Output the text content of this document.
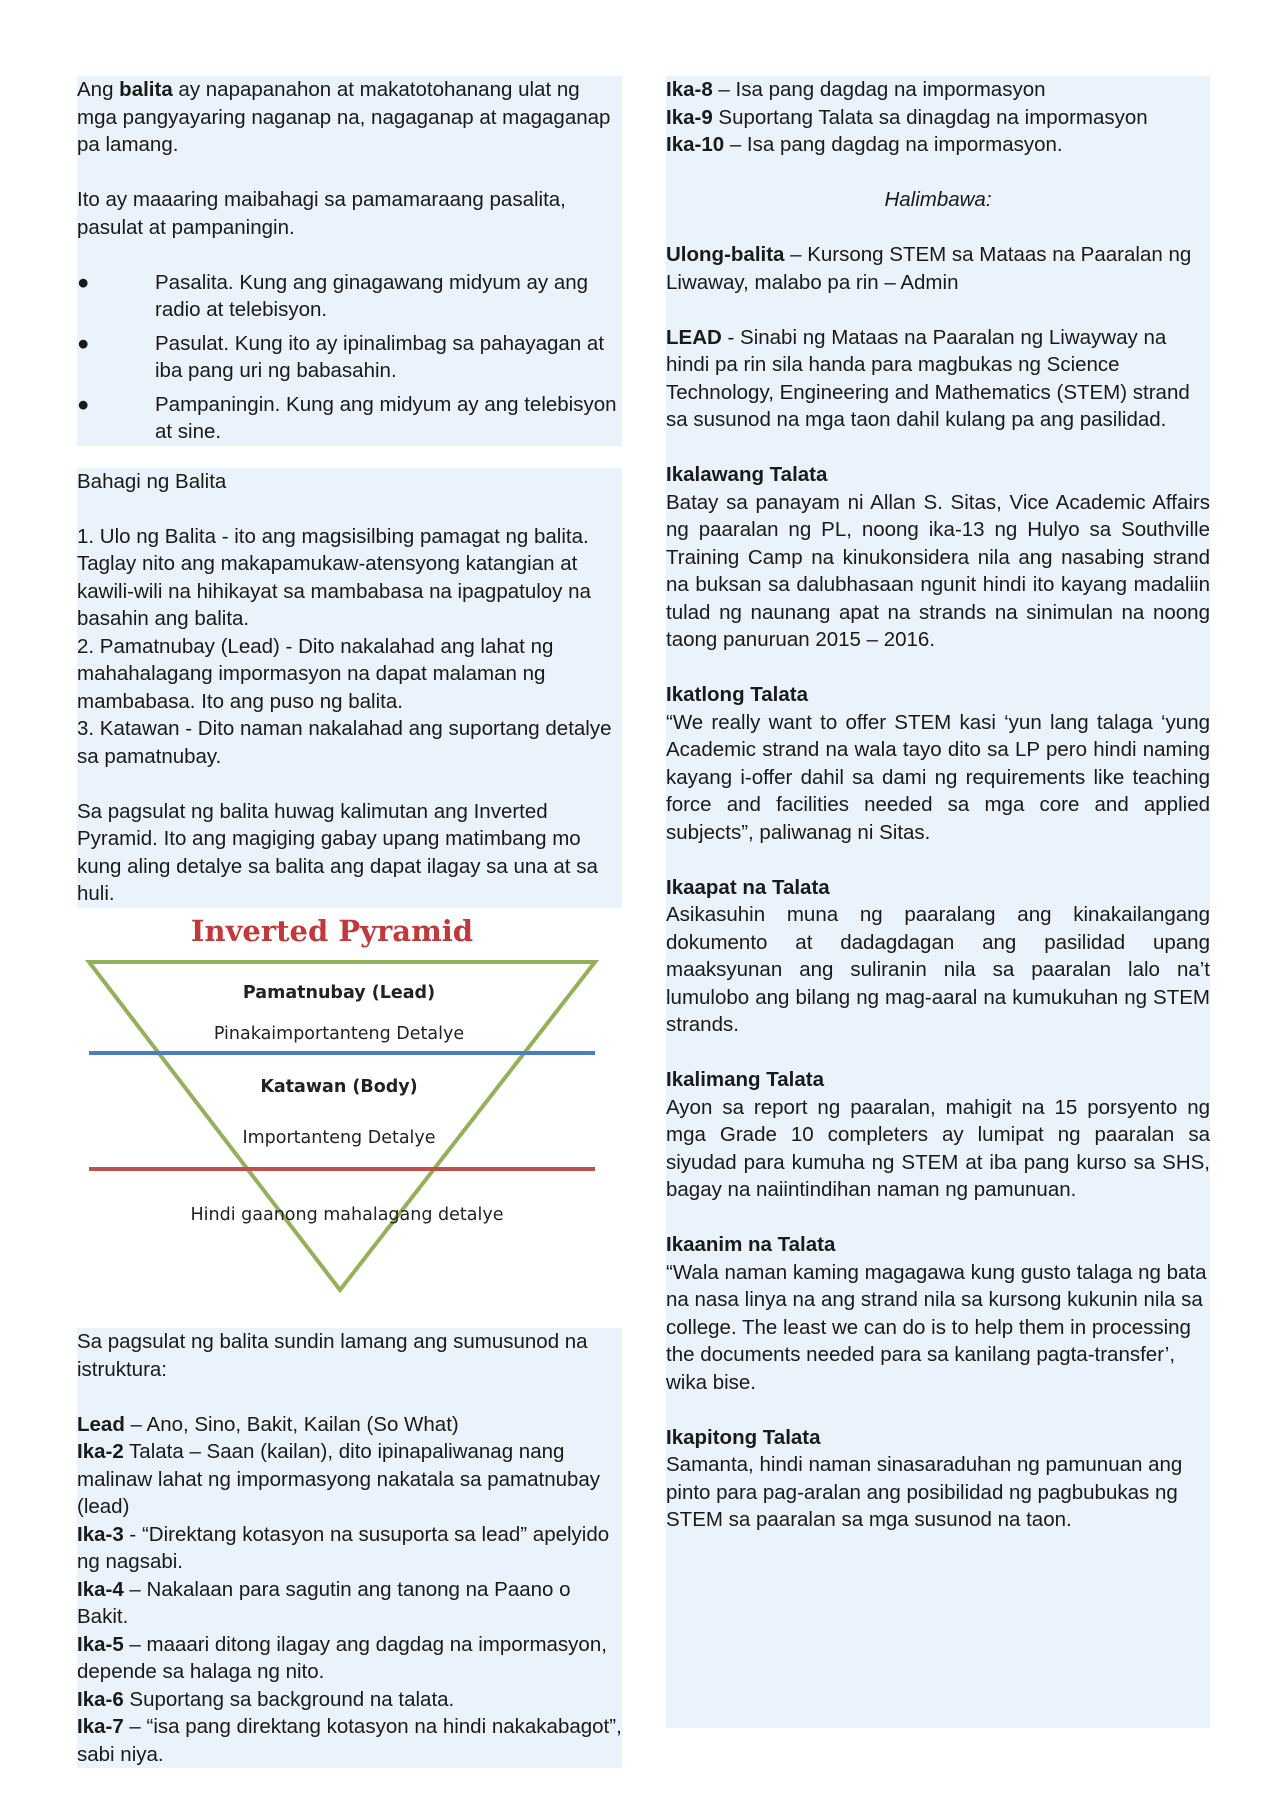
Ang balita ay napapanahon at makatotohanang ulat ng mga pangyayaring naganap na, nagaganap at magaganap pa lamang.

Ito ay maaaring maibahagi sa pamamaraang pasalita, pasulat at pampaningin.

●	Pasalita. Kung ang ginagawang midyum ay ang radio at telebisyon.
●	Pasulat. Kung ito ay ipinalimbag sa pahayagan at iba pang uri ng babasahin.
●	Pampaningin. Kung ang midyum ay ang telebisyon at sine.

Bahagi ng Balita

1. Ulo ng Balita - ito ang magsisilbing pamagat ng balita. Taglay nito ang makapamukaw-atensyong katangian at kawili-wili na hihikayat sa mambabasa na ipagpatuloy na basahin ang balita.

2. Pamatnubay (Lead) - Dito nakalahad ang lahat ng mahahalagang impormasyon na dapat malaman ng mambabasa. Ito ang puso ng balita.

3. Katawan - Dito naman nakalahad ang suportang detalye sa pamatnubay.

Sa pagsulat ng balita huwag kalimutan ang Inverted Pyramid. Ito ang magiging gabay upang matimbang mo kung aling detalye sa balita ang dapat ilagay sa una at sa huli.

Inverted Pyramid
Pamatnubay (Lead)
Pinakaimportanteng Detalye
Katawan (Body)
Importanteng Detalye
Hindi gaanong mahalagang detalye

Sa pagsulat ng balita sundin lamang ang sumusunod na istruktura:

Lead – Ano, Sino, Bakit, Kailan (So What)

Ika-2 Talata – Saan (kailan), dito ipinapaliwanag nang malinaw lahat ng impormasyong nakatala sa pamatnubay (lead)

Ika-3 - “Direktang kotasyon na susuporta sa lead” apelyido ng nagsabi.

Ika-4 – Nakalaan para sagutin ang tanong na Paano o Bakit.

Ika-5 – maaari ditong ilagay ang dagdag na impormasyon, depende sa halaga ng nito.

Ika-6 Suportang sa background na talata.

Ika-7 – “isa pang direktang kotasyon na hindi nakakabagot”, sabi niya.

Ika-8 – Isa pang dagdag na impormasyon

Ika-9 Suportang Talata sa dinagdag na impormasyon

Ika-10 – Isa pang dagdag na impormasyon.

Halimbawa:

Ulong-balita – Kursong STEM sa Mataas na Paaralan ng Liwaway, malabo pa rin – Admin

LEAD - Sinabi ng Mataas na Paaralan ng Liwayway na hindi pa rin sila handa para magbukas ng Science Technology, Engineering and Mathematics (STEM) strand sa susunod na mga taon dahil kulang pa ang pasilidad.

Ikalawang Talata

Batay sa panayam ni Allan S. Sitas, Vice Academic Affairs ng paaralan ng PL, noong ika-13 ng Hulyo sa Southville Training Camp na kinukonsidera nila ang nasabing strand na buksan sa dalubhasaan ngunit hindi ito kayang madaliin tulad ng naunang apat na strands na sinimulan na noong taong panuruan 2015 – 2016.

Ikatlong Talata

“We really want to offer STEM kasi ‘yun lang talaga ‘yung Academic strand na wala tayo dito sa LP pero hindi naming kayang i-offer dahil sa dami ng requirements like teaching force and facilities needed sa mga core and applied subjects”, paliwanag ni Sitas.

Ikaapat na Talata

Asikasuhin muna ng paaralang ang kinakailangang dokumento at dadagdagan ang pasilidad upang maaksyunan ang suliranin nila sa paaralan lalo na’t lumulobo ang bilang ng mag-aaral na kumukuhan ng STEM strands.

Ikalimang Talata

Ayon sa report ng paaralan, mahigit na 15 porsyento ng mga Grade 10 completers ay lumipat ng paaralan sa siyudad para kumuha ng STEM at iba pang kurso sa SHS, bagay na naiintindihan naman ng pamunuan.

Ikaanim na Talata

“Wala naman kaming magagawa kung gusto talaga ng bata na nasa linya na ang strand nila sa kursong kukunin nila sa college. The least we can do is to help them in processing the documents needed para sa kanilang pagta-transfer’, wika bise.

Ikapitong Talata

Samanta, hindi naman sinasaraduhan ng pamunuan ang pinto para pag-aralan ang posibilidad ng pagbubukas ng STEM sa paaralan sa mga susunod na taon.
